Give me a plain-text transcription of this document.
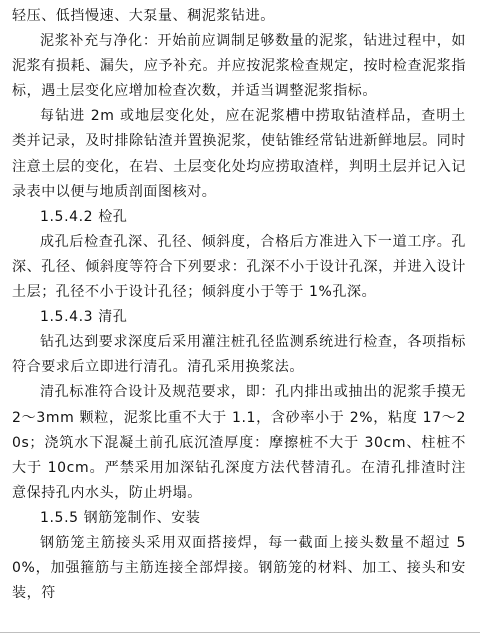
轻压、低挡慢速、大泵量、稠泥浆钻进。

泥浆补充与净化：开始前应调制足够数量的泥浆，钻进过程中，如泥浆有损耗、漏失，应予补充。并应按泥浆检查规定，按时检查泥浆指标，遇土层变化应增加检查次数，并适当调整泥浆指标。

每钻进 2m 或地层变化处，应在泥浆槽中捞取钻渣样品，查明土类并记录，及时排除钻渣并置换泥浆，使钻锥经常钻进新鲜地层。同时注意土层的变化，在岩、土层变化处均应捞取渣样，判明土层并记入记录表中以便与地质剖面图核对。

1.5.4.2 检孔

成孔后检查孔深、孔径、倾斜度，合格后方准进入下一道工序。孔深、孔径、倾斜度等符合下列要求：孔深不小于设计孔深，并进入设计土层；孔径不小于设计孔径；倾斜度小于等于 1%孔深。

1.5.4.3 清孔

钻孔达到要求深度后采用灌注桩孔径监测系统进行检查，各项指标符合要求后立即进行清孔。清孔采用换浆法。

清孔标准符合设计及规范要求，即：孔内排出或抽出的泥浆手摸无 2～3mm 颗粒，泥浆比重不大于 1.1，含砂率小于 2%，粘度 17～20s；浇筑水下混凝土前孔底沉渣厚度：摩擦桩不大于 30cm、柱桩不大于 10cm。严禁采用加深钻孔深度方法代替清孔。在清孔排渣时注意保持孔内水头，防止坍塌。

1.5.5 钢筋笼制作、安装

钢筋笼主筋接头采用双面搭接焊，每一截面上接头数量不超过 50%，加强箍筋与主筋连接全部焊接。钢筋笼的材料、加工、接头和安装，符
